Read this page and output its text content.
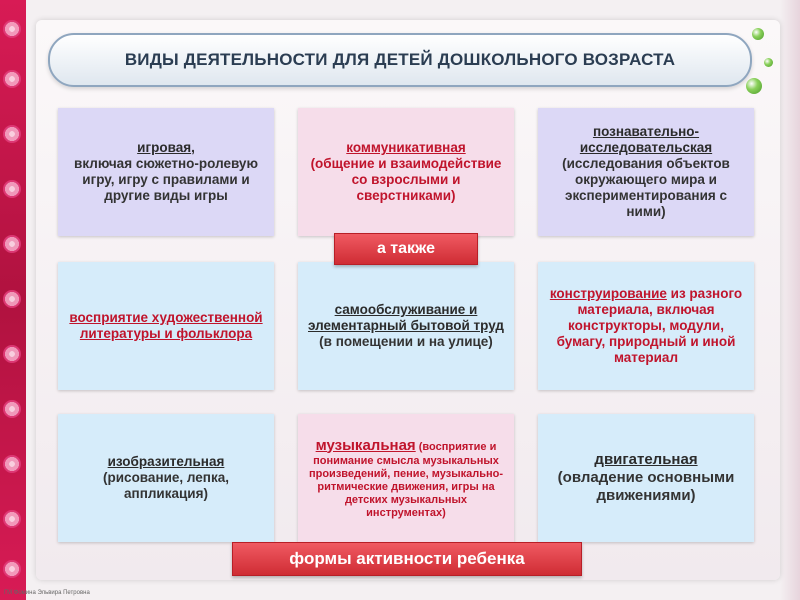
ВИДЫ ДЕЯТЕЛЬНОСТИ ДЛЯ ДЕТЕЙ ДОШКОЛЬНОГО ВОЗРАСТА
игровая,
включая сюжетно-ролевую игру, игру с правилами и другие виды игры
коммуникативная
(общение и взаимодействие со взрослыми и сверстниками)
познавательно-исследовательская
(исследования объектов окружающего мира и экспериментирования с ними)
восприятие художественной литературы и фольклора
самообслуживание и элементарный бытовой труд (в помещении и на улице)
конструирование из разного материала, включая конструкторы, модули, бумагу, природный и иной материал
изобразительная
(рисование, лепка, аппликация)
музыкальная (восприятие и понимание смысла музыкальных произведений, пение, музыкально-ритмические движения, игры на детских музыкальных инструментах)
двигательная
(овладение основными движениями)
а также
формы активности ребенка
ГМ Фомина Эльвира Петровна
